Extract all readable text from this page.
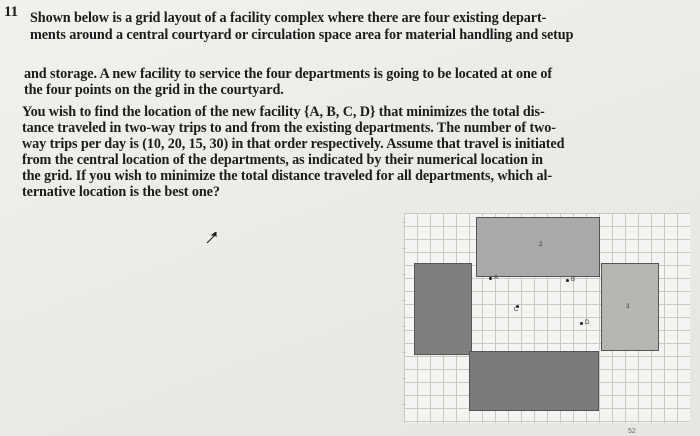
11 Shown below is a grid layout of a facility complex where there are four existing depart-
ments around a central courtyard or circulation space area for material handling and setup
and storage. A new facility to service the four departments is going to be located at one of
the four points on the grid in the courtyard.
You wish to find the location of the new facility {A, B, C, D} that minimizes the total dis-
tance traveled in two-way trips to and from the existing departments. The number of two-
way trips per day is (10, 20, 15, 30) in that order respectively. Assume that travel is initiated
from the central location of the departments, as indicated by their numerical location in
the grid. If you wish to minimize the total distance traveled for all departments, which al-
ternative location is the best one?
—
—
—
—
—
—
—
—
2
3
A	B
C
D
52
